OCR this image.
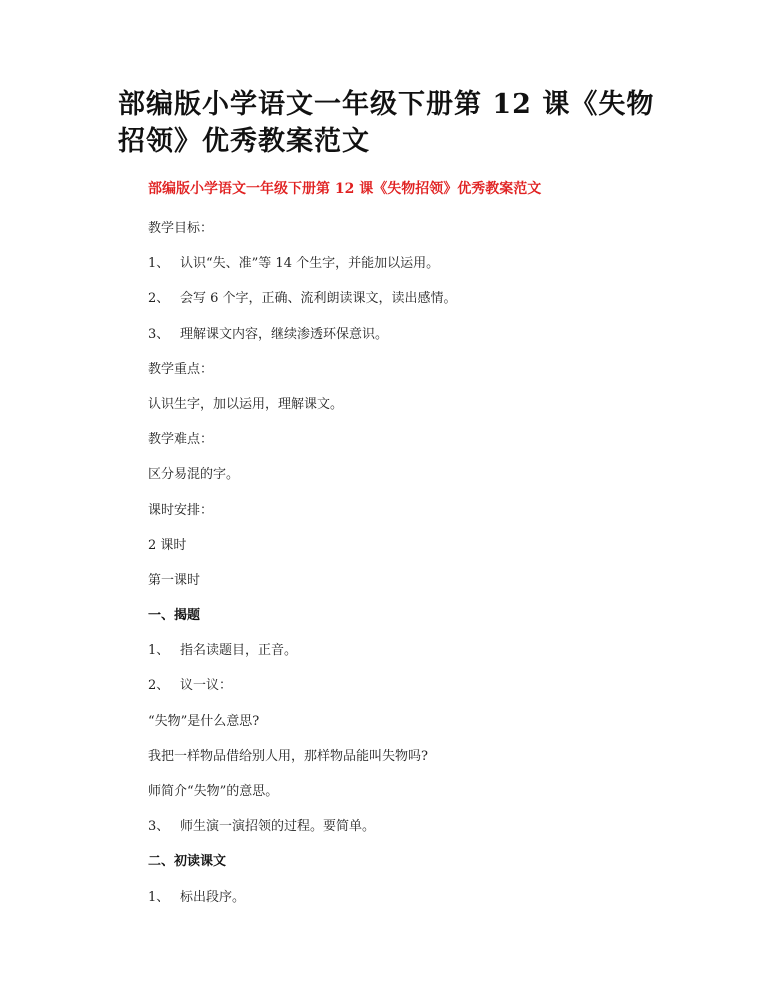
部编版小学语文一年级下册第 12 课《失物招领》优秀教案范文

部编版小学语文一年级下册第 12 课《失物招领》优秀教案范文

教学目标：
1、 认识“失、准”等 14 个生字，并能加以运用。
2、 会写 6 个字，正确、流利朗读课文，读出感情。
3、 理解课文内容，继续渗透环保意识。
教学重点：
认识生字，加以运用，理解课文。
教学难点：
区分易混的字。
课时安排：
2 课时
第一课时
一、揭题
1、 指名读题目，正音。
2、 议一议：
“失物”是什么意思?
我把一样物品借给别人用，那样物品能叫失物吗?
师简介“失物”的意思。
3、 师生演一演招领的过程。要简单。
二、初读课文
1、 标出段序。
